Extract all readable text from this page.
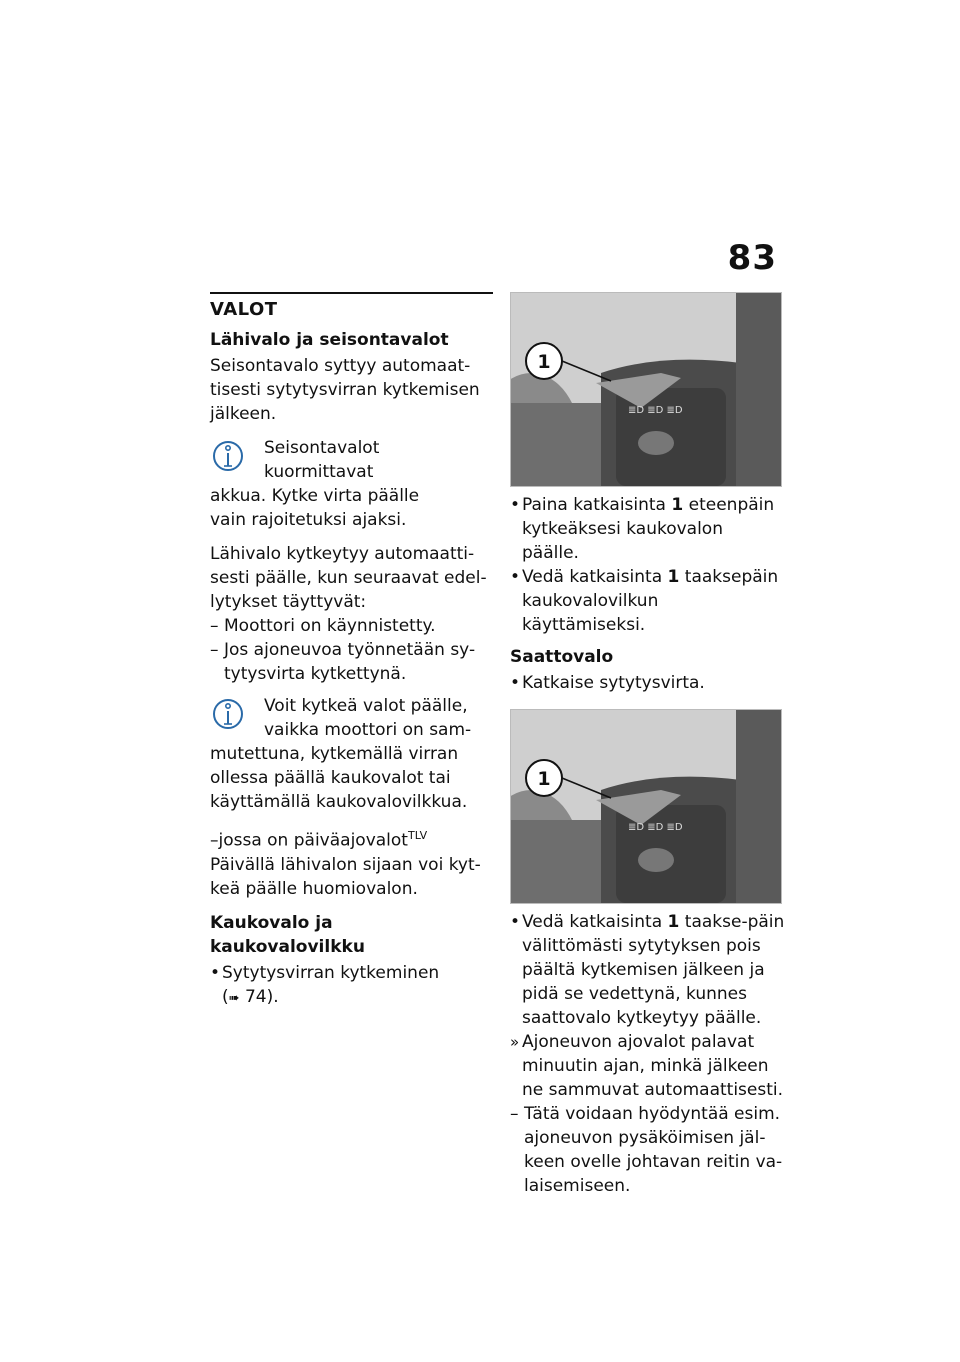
83
VALOT
Lähivalo ja seisontavalot

Seisontavalo syttyy automaat-tisesti sytytysvirran kytkemisen jälkeen.

Seisontavalot kuormittavat
akkua. Kytke virta päälle
vain rajoitetuksi ajaksi.

Lähivalo kytkeytyy automaatti-sesti päälle, kun seuraavat edel-lytykset täyttyvät:

– Moottori on käynnistetty.
– Jos ajoneuvoa työnnetään sy-tytysvirta kytkettynä.
Voit kytkeä valot päälle,
vaikka moottori on sam-
mutettuna, kytkemällä virran ollessa päällä kaukovalot tai käyttämällä kaukovalovilkkua.
–jossa on päiväajovalot$^{TLV}$

Päivällä lähivalon sijaan voi kyt-keä päälle huomiovalon.

Kaukovalo ja kaukovalovilkku
• Sytytysvirran kytkeminen
(➠ 74).
≣D ≣D ≣D
1
• Paina katkaisinta 1 eteenpäin kytkeäksesi kaukovalon päälle.
• Vedä katkaisinta 1 taaksepäin kaukovalovilkun käyttämiseksi.
Saattovalo
• Katkaise sytytysvirta.
≣D ≣D ≣D
1
• Vedä katkaisinta 1 taakse-päin välittömästi sytytyksen pois päältä kytkemisen jälkeen ja pidä se vedettynä, kunnes saattovalo kytkeytyy päälle.
» Ajoneuvon ajovalot palavat minuutin ajan, minkä jälkeen ne sammuvat automaattisesti.
– Tätä voidaan hyödyntää esim. ajoneuvon pysäköimisen jäl-keen ovelle johtavan reitin va-laisemiseen.
